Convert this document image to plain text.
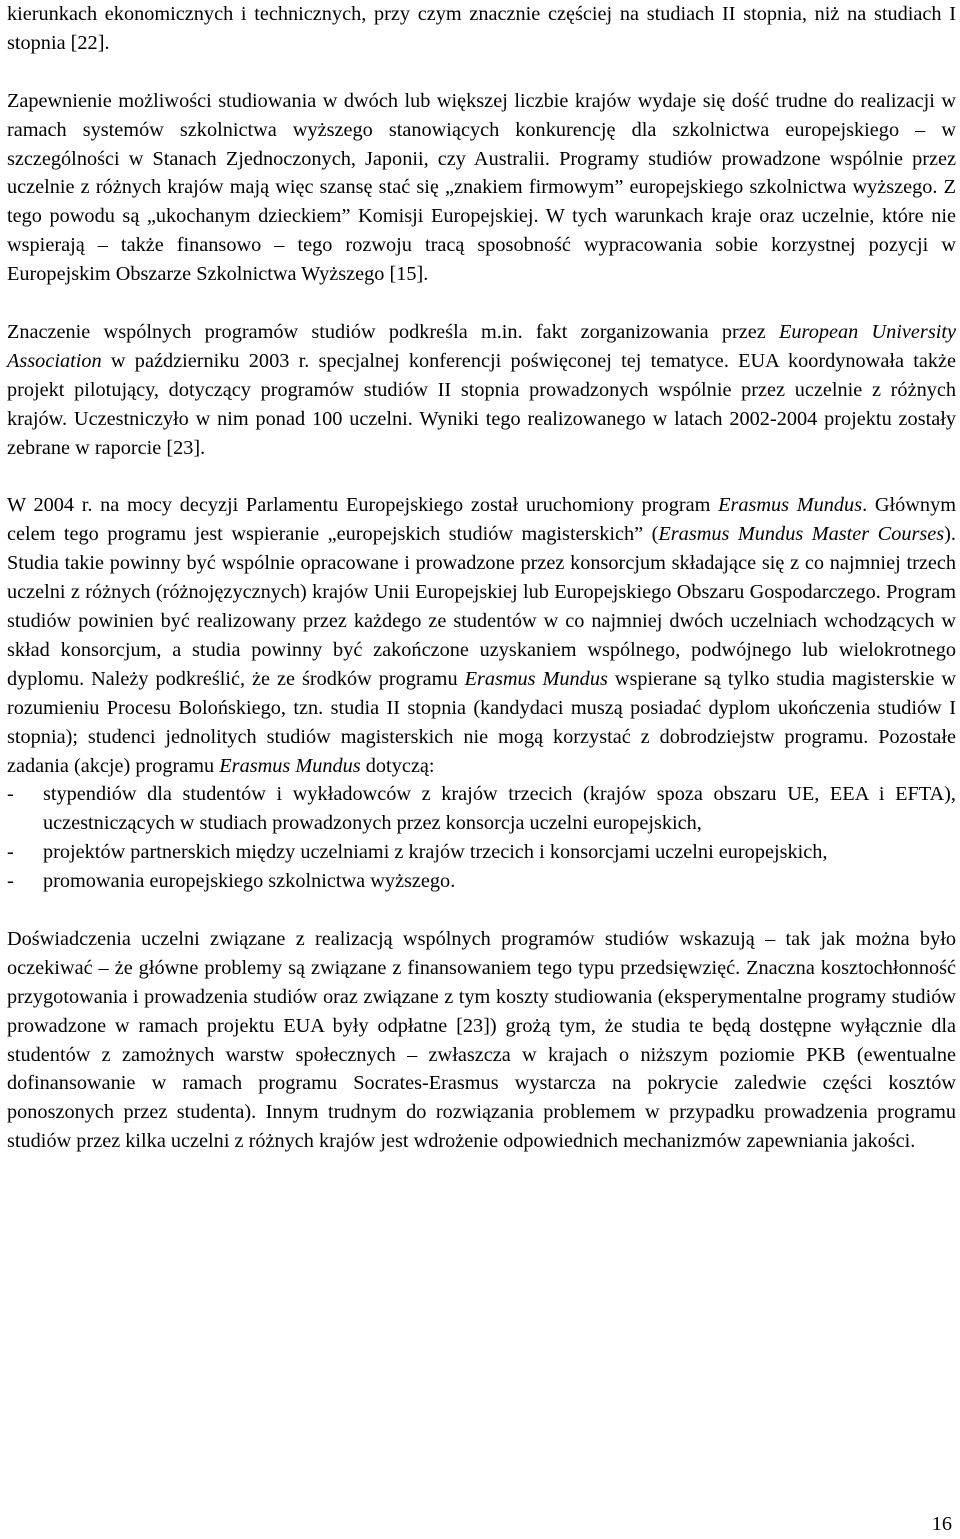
kierunkach ekonomicznych i technicznych, przy czym znacznie częściej na studiach II stopnia, niż na studiach I stopnia [22].

Zapewnienie możliwości studiowania w dwóch lub większej liczbie krajów wydaje się dość trudne do realizacji w ramach systemów szkolnictwa wyższego stanowiących konkurencję dla szkolnictwa europejskiego – w szczególności w Stanach Zjednoczonych, Japonii, czy Australii. Programy studiów prowadzone wspólnie przez uczelnie z różnych krajów mają więc szansę stać się „znakiem firmowym” europejskiego szkolnictwa wyższego. Z tego powodu są „ukochanym dzieckiem” Komisji Europejskiej. W tych warunkach kraje oraz uczelnie, które nie wspierają – także finansowo – tego rozwoju tracą sposobność wypracowania sobie korzystnej pozycji w Europejskim Obszarze Szkolnictwa Wyższego [15].

Znaczenie wspólnych programów studiów podkreśla m.in. fakt zorganizowania przez European University Association w październiku 2003 r. specjalnej konferencji poświęconej tej tematyce. EUA koordynowała także projekt pilotujący, dotyczący programów studiów II stopnia prowadzonych wspólnie przez uczelnie z różnych krajów. Uczestniczyło w nim ponad 100 uczelni. Wyniki tego realizowanego w latach 2002-2004 projektu zostały zebrane w raporcie [23].

W 2004 r. na mocy decyzji Parlamentu Europejskiego został uruchomiony program Erasmus Mundus. Głównym celem tego programu jest wspieranie „europejskich studiów magisterskich” (Erasmus Mundus Master Courses). Studia takie powinny być wspólnie opracowane i prowadzone przez konsorcjum składające się z co najmniej trzech uczelni z różnych (różnojęzycznych) krajów Unii Europejskiej lub Europejskiego Obszaru Gospodarczego. Program studiów powinien być realizowany przez każdego ze studentów w co najmniej dwóch uczelniach wchodzących w skład konsorcjum, a studia powinny być zakończone uzyskaniem wspólnego, podwójnego lub wielokrotnego dyplomu. Należy podkreślić, że ze środków programu Erasmus Mundus wspierane są tylko studia magisterskie w rozumieniu Procesu Bolońskiego, tzn. studia II stopnia (kandydaci muszą posiadać dyplom ukończenia studiów I stopnia); studenci jednolitych studiów magisterskich nie mogą korzystać z dobrodziejstw programu. Pozostałe zadania (akcje) programu Erasmus Mundus dotyczą:

- stypendiów dla studentów i wykładowców z krajów trzecich (krajów spoza obszaru UE, EEA i EFTA), uczestniczących w studiach prowadzonych przez konsorcja uczelni europejskich,
- projektów partnerskich między uczelniami z krajów trzecich i konsorcjami uczelni europejskich,
- promowania europejskiego szkolnictwa wyższego.

Doświadczenia uczelni związane z realizacją wspólnych programów studiów wskazują – tak jak można było oczekiwać – że główne problemy są związane z finansowaniem tego typu przedsięwzięć. Znaczna kosztochłonność przygotowania i prowadzenia studiów oraz związane z tym koszty studiowania (eksperymentalne programy studiów prowadzone w ramach projektu EUA były odpłatne [23]) grożą tym, że studia te będą dostępne wyłącznie dla studentów z zamożnych warstw społecznych – zwłaszcza w krajach o niższym poziomie PKB (ewentualne dofinansowanie w ramach programu Socrates-Erasmus wystarcza na pokrycie zaledwie części kosztów ponoszonych przez studenta). Innym trudnym do rozwiązania problemem w przypadku prowadzenia programu studiów przez kilka uczelni z różnych krajów jest wdrożenie odpowiednich mechanizmów zapewniania jakości.

16
